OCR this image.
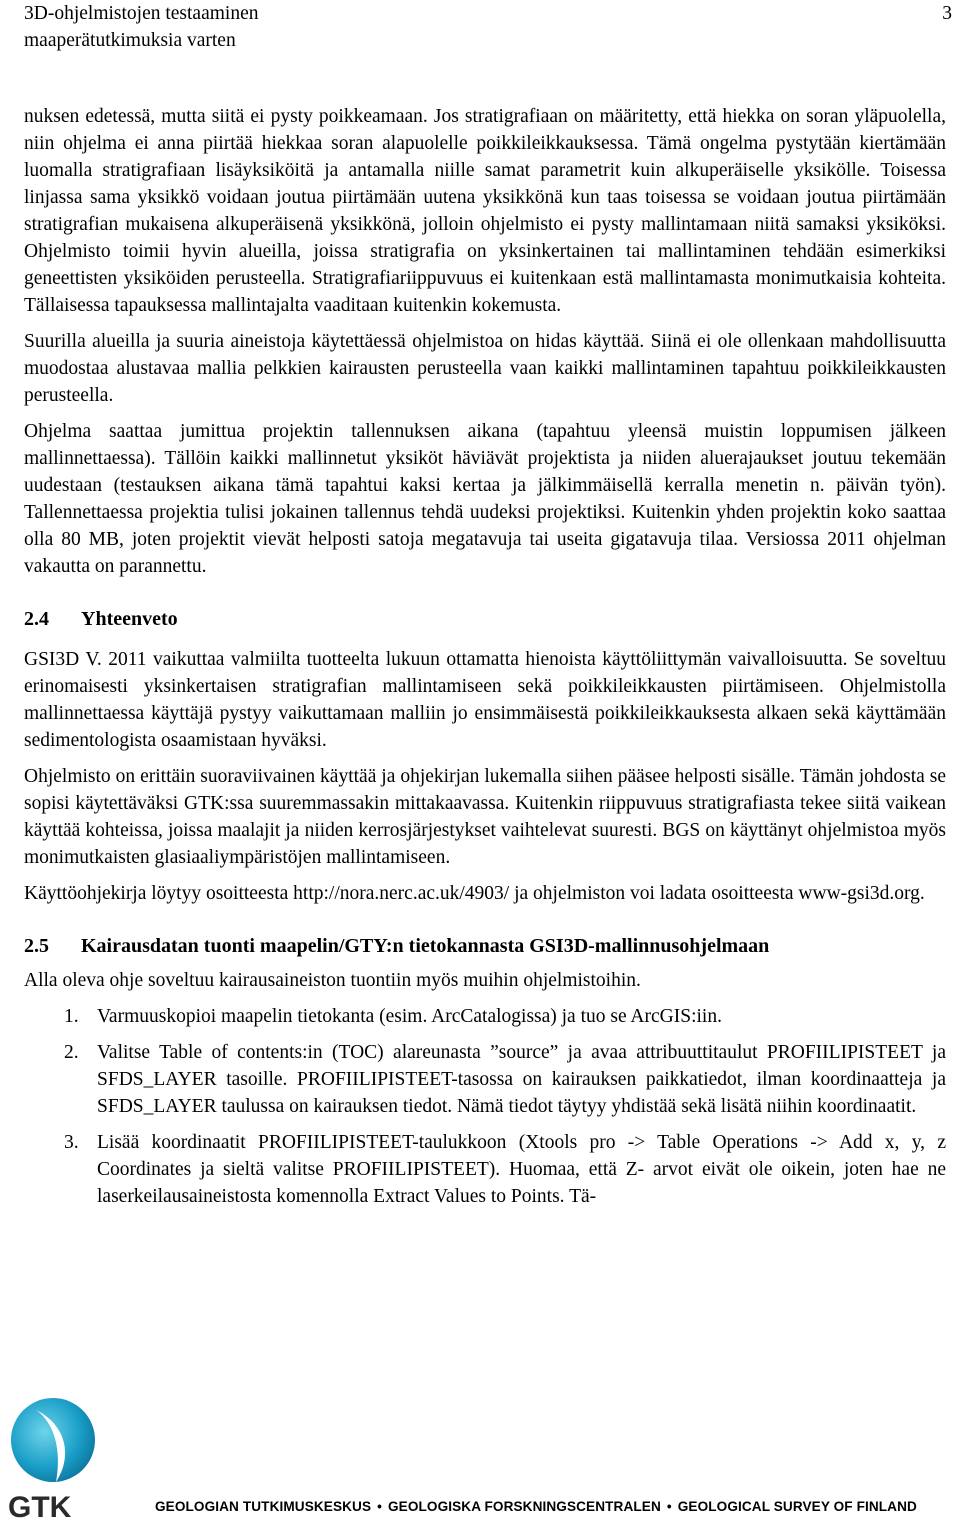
3D-ohjelmistojen testaaminen
maaperätutkimuksia varten
3

nuksen edetessä, mutta siitä ei pysty poikkeamaan. Jos stratigrafiaan on määritetty, että hiekka on soran yläpuolella, niin ohjelma ei anna piirtää hiekkaa soran alapuolelle poikkileikkauksessa. Tämä ongelma pystytään kiertämään luomalla stratigrafiaan lisäyksiköitä ja antamalla niille samat parametrit kuin alkuperäiselle yksikölle. Toisessa linjassa sama yksikkö voidaan joutua piirtämään uutena yksikkönä kun taas toisessa se voidaan joutua piirtämään stratigrafian mukaisena alkuperäisenä yksikkönä, jolloin ohjelmisto ei pysty mallintamaan niitä samaksi yksiköksi. Ohjelmisto toimii hyvin alueilla, joissa stratigrafia on yksinkertainen tai mallintaminen tehdään esimerkiksi geneettisten yksiköiden perusteella. Stratigrafiariippuvuus ei kuitenkaan estä mallintamasta monimutkaisia kohteita. Tällaisessa tapauksessa mallintajalta vaaditaan kuitenkin kokemusta.

Suurilla alueilla ja suuria aineistoja käytettäessä ohjelmistoa on hidas käyttää. Siinä ei ole ollenkaan mahdollisuutta muodostaa alustavaa mallia pelkkien kairausten perusteella vaan kaikki mallintaminen tapahtuu poikkileikkausten perusteella.

Ohjelma saattaa jumittua projektin tallennuksen aikana (tapahtuu yleensä muistin loppumisen jälkeen mallinnettaessa). Tällöin kaikki mallinnetut yksiköt häviävät projektista ja niiden aluerajaukset joutuu tekemään uudestaan (testauksen aikana tämä tapahtui kaksi kertaa ja jälkimmäisellä kerralla menetin n. päivän työn). Tallennettaessa projektia tulisi jokainen tallennus tehdä uudeksi projektiksi. Kuitenkin yhden projektin koko saattaa olla 80 MB, joten projektit vievät helposti satoja megatavuja tai useita gigatavuja tilaa. Versiossa 2011 ohjelman vakautta on parannettu.

2.4 Yhteenveto

GSI3D V. 2011 vaikuttaa valmiilta tuotteelta lukuun ottamatta hienoista käyttöliittymän vaivalloisuutta. Se soveltuu erinomaisesti yksinkertaisen stratigrafian mallintamiseen sekä poikkileikkausten piirtämiseen. Ohjelmistolla mallinnettaessa käyttäjä pystyy vaikuttamaan malliin jo ensimmäisestä poikkileikkauksesta alkaen sekä käyttämään sedimentologista osaamistaan hyväksi.

Ohjelmisto on erittäin suoraviivainen käyttää ja ohjekirjan lukemalla siihen pääsee helposti sisälle. Tämän johdosta se sopisi käytettäväksi GTK:ssa suuremmassakin mittakaavassa. Kuitenkin riippuvuus stratigrafiasta tekee siitä vaikean käyttää kohteissa, joissa maalajit ja niiden kerrosjärjestykset vaihtelevat suuresti. BGS on käyttänyt ohjelmistoa myös monimutkaisten glasiaaliympäristöjen mallintamiseen.

Käyttöohjekirja löytyy osoitteesta http://nora.nerc.ac.uk/4903/ ja ohjelmiston voi ladata osoitteesta www-gsi3d.org.

2.5 Kairausdatan tuonti maapelin/GTY:n tietokannasta GSI3D-mallinnusohjelmaan

Alla oleva ohje soveltuu kairausaineiston tuontiin myös muihin ohjelmistoihin.

1. Varmuuskopioi maapelin tietokanta (esim. ArcCatalogissa) ja tuo se ArcGIS:iin.
2. Valitse Table of contents:in (TOC) alareunasta ”source” ja avaa attribuuttitaulut PROFIILIPISTEET ja SFDS_LAYER tasoille. PROFIILIPISTEET-tasossa on kairauksen paikkatiedot, ilman koordinaatteja ja SFDS_LAYER taulussa on kairauksen tiedot. Nämä tiedot täytyy yhdistää sekä lisätä niihin koordinaatit.
3. Lisää koordinaatit PROFIILIPISTEET-taulukkoon (Xtools pro -> Table Operations -> Add x, y, z Coordinates ja sieltä valitse PROFIILIPISTEET). Huomaa, että Z- arvot eivät ole oikein, joten hae ne laserkeilausaineistosta komennolla Extract Values to Points. Tä-
GTK	GEOLOGIAN TUTKIMUSKESKUS • GEOLOGISKA FORSKNINGSCENTRALEN • GEOLOGICAL SURVEY OF FINLAND
